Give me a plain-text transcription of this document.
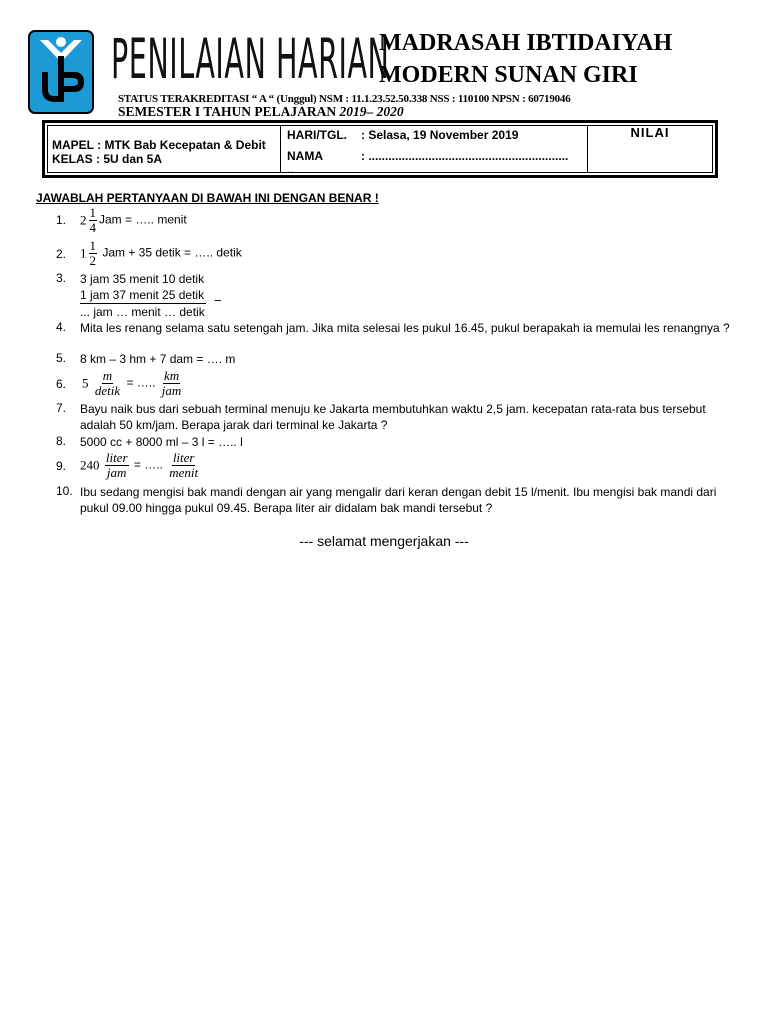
PENILAIAN HARIAN
MADRASAH IBTIDAIYAH
MODERN SUNAN GIRI
STATUS TERAKREDITASI “ A “ (Unggul) NSM : 11.1.23.52.50.338 NSS : 110100 NPSN : 60719046
SEMESTER I TAHUN PELAJARAN 2019– 2020
MAPEL : MTK Bab Kecepatan & Debit
KELAS : 5U dan 5A
HARI/TGL. : Selasa, 19 November 2019
NAMA	: ............................................................
..
NILAI
JAWABLAH PERTANYAAN DI BAWAH INI DENGAN BENAR !
1.	$2 \frac{1}{4}$ Jam = ….. menit
2.	$1 \frac{1}{2}$ Jam + 35 detik = ….. detik
3.	3 jam 35 menit 10 detik
1 jam 37 menit 25 detik
... jam … menit … detik
−
4.	Mita les renang selama satu setengah jam. Jika mita selesai les pukul 16.45, pukul berapakah ia memulai les renangnya ?
5.	8 km – 3 hm + 7 dam = …. m
6.	$5 \frac{m}{\text{detik}}$ = ….. $\frac{km}{\text{jam}}$
7.	Bayu naik bus dari sebuah terminal menuju ke Jakarta membutuhkan waktu 2,5 jam. kecepatan rata-rata bus tersebut adalah 50 km/jam. Berapa jarak dari terminal ke Jakarta ?
8.	5000 cc + 8000 ml – 3 l = ….. l
9.	$240 \frac{\text{liter}}{\text{jam}}$ = ….. $\frac{\text{liter}}{\text{menit}}$
10. Ibu sedang mengisi bak mandi dengan air yang mengalir dari keran dengan debit 15 l/menit. Ibu mengisi bak mandi dari pukul 09.00 hingga pukul 09.45. Berapa liter air didalam bak mandi tersebut ?
--- selamat mengerjakan ---
